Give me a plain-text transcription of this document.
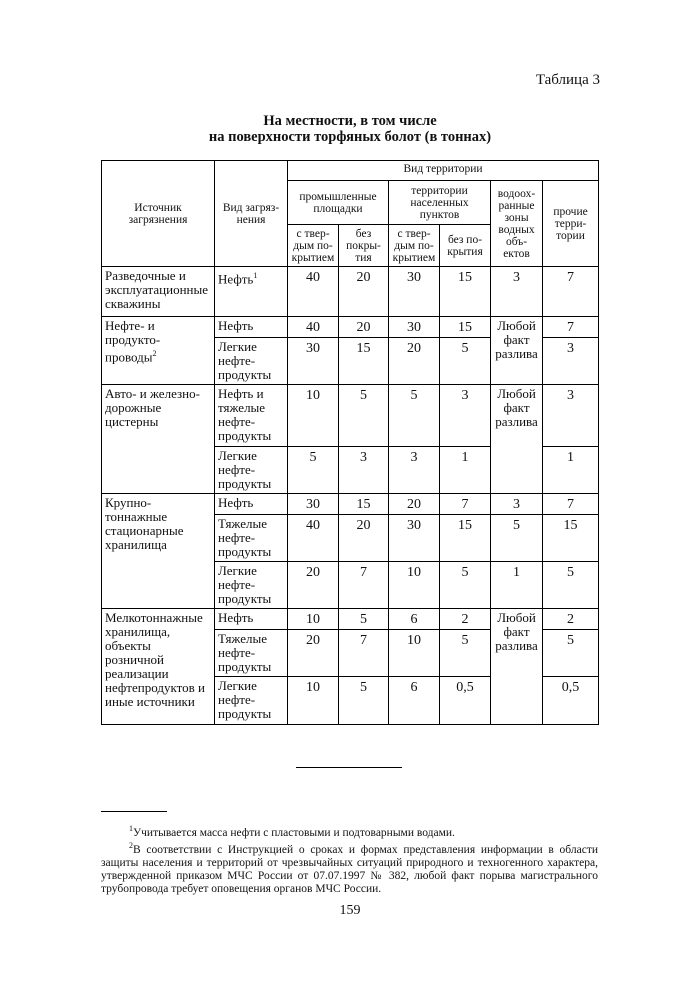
Таблица 3
На местности, в том числе
на поверхности торфяных болот (в тоннах)
Источник загрязнения	Вид загряз-нения	Вид территории					
		промышленные площадки		территории населенных пунктов		водоох-ранные зоны водных объ-ектов	прочие терри-тории
		с твер-дым по-крытием	без покры-тия	с твер-дым по-крытием	без по-крытия		
Разведочные и эксплуатационные скважины	Нефть$^1$	40	20	30	15	3	7
Нефте- и продукто-проводы$^2$	Нефть	40	20	30	15	Любой факт разлива	7
	Легкие нефте-продукты	30	15	20	5		3
Авто- и железно-дорожные цистерны	Нефть и тяжелые нефте-продукты	10	5	5	3	Любой факт разлива	3
	Легкие нефте-продукты	5	3	3	1		1
Крупно-тоннажные стационарные хранилища	Нефть	30	15	20	7	3	7
	Тяжелые нефте-продукты	40	20	30	15	5	15
	Легкие нефте-продукты	20	7	10	5	1	5
Мелкотоннажные хранилища, объекты розничной реализации нефтепродуктов и иные источники	Нефть	10	5	6	2	Любой факт разлива	2
	Тяжелые нефте-продукты	20	7	10	5		5
	Легкие нефте-продукты	10	5	6	0,5		0,5
$^1$Учитывается масса нефти с пластовыми и подтоварными водами.
$^2$В соответствии с Инструкцией о сроках и формах представления информации в области защиты населения и территорий от чрезвычайных ситуаций природного и техногенного характера, утвержденной приказом МЧС России от 07.07.1997 № 382, любой факт порыва магистрального трубопровода требует оповещения органов МЧС России.
159
